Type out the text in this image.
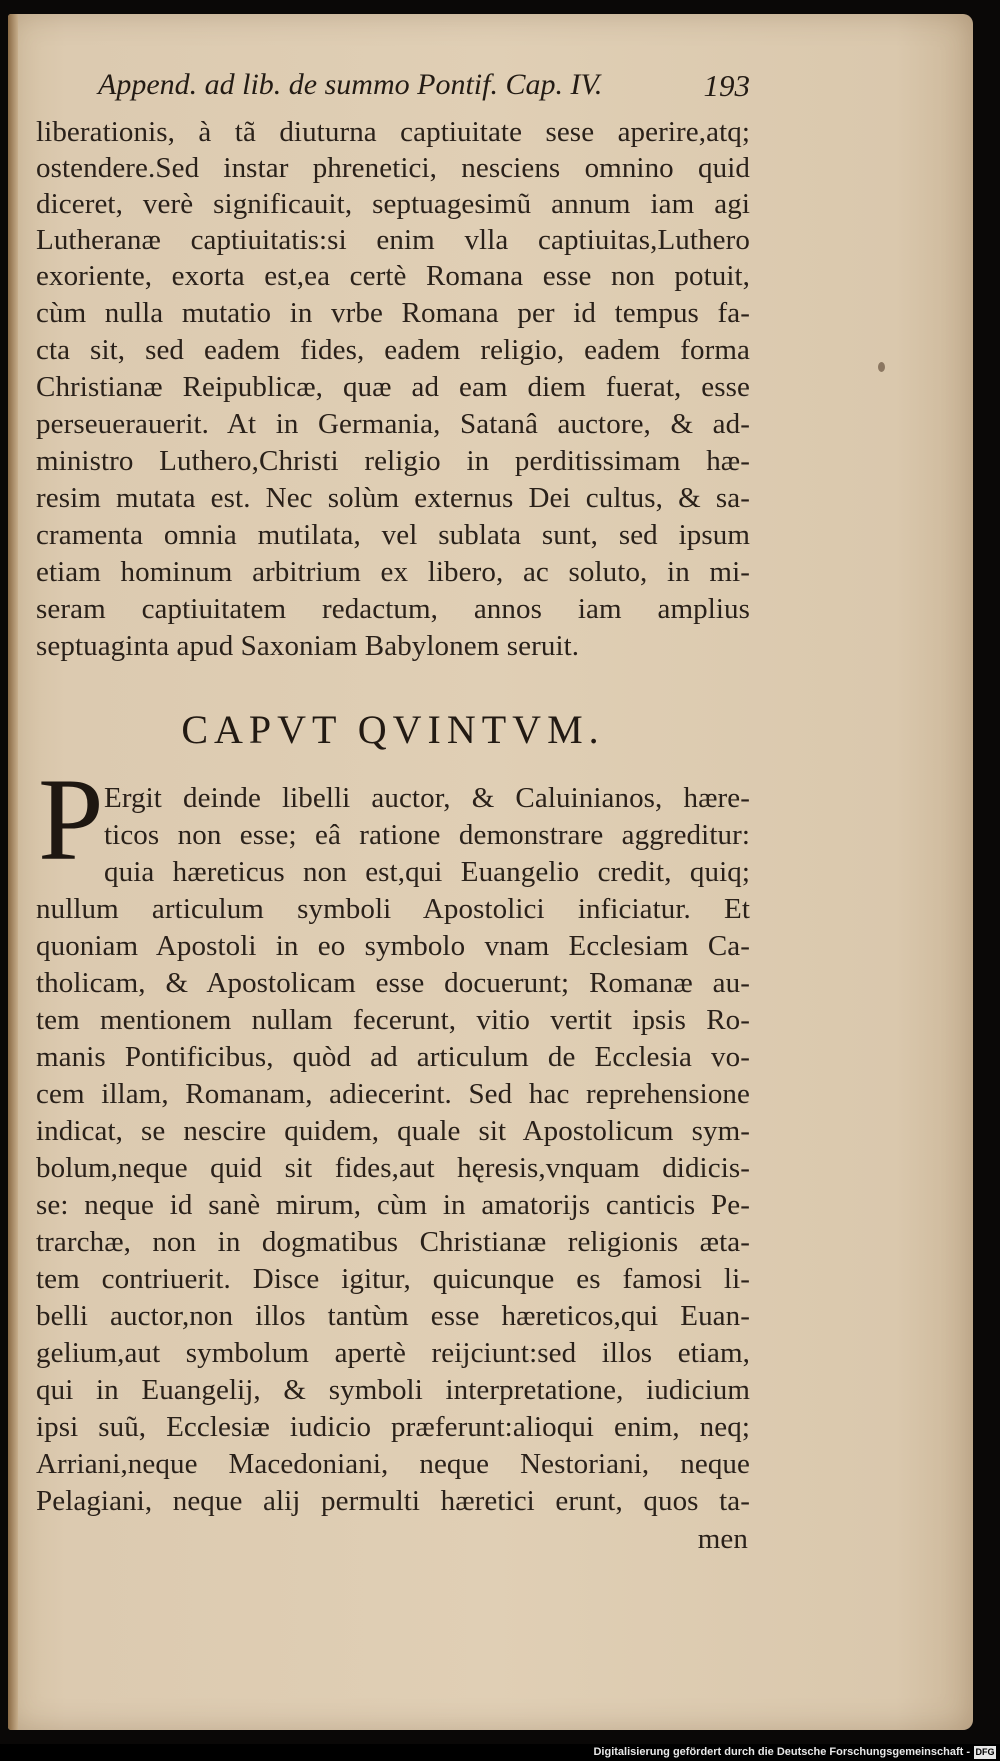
Append. ad lib. de summo Pontif. Cap. IV.	193
liberationis, à tã diuturna captiuitate sese aperire,atq;
ostendere.Sed instar phrenetici, nesciens omnino quid
diceret, verè significauit, septuagesimũ annum iam agi
Lutheranæ captiuitatis:si enim vlla captiuitas,Luthero
exoriente, exorta est,ea certè Romana esse non potuit,
cùm nulla mutatio in vrbe Romana per id tempus fa-
cta sit, sed eadem fides, eadem religio, eadem forma
Christianæ Reipublicæ, quæ ad eam diem fuerat, esse
perseuerauerit. At in Germania, Satanâ auctore, & ad-
ministro Luthero,Christi religio in perditissimam hæ-
resim mutata est. Nec solùm externus Dei cultus, & sa-
cramenta omnia mutilata, vel sublata sunt, sed ipsum
etiam hominum arbitrium ex libero, ac soluto, in mi-
seram captiuitatem redactum, annos iam amplius
septuaginta apud Saxoniam Babylonem seruit.
CAPVT QVINTVM.
P Ergit deinde libelli auctor, & Caluinianos, hære-
ticos non esse; eâ ratione demonstrare aggreditur:
quia hæreticus non est,qui Euangelio credit, quiq;
nullum articulum symboli Apostolici inficiatur. Et
quoniam Apostoli in eo symbolo vnam Ecclesiam Ca-
tholicam, & Apostolicam esse docuerunt; Romanæ au-
tem mentionem nullam fecerunt, vitio vertit ipsis Ro-
manis Pontificibus, quòd ad articulum de Ecclesia vo-
cem illam, Romanam, adiecerint. Sed hac reprehensione
indicat, se nescire quidem, quale sit Apostolicum sym-
bolum,neque quid sit fides,aut hęresis,vnquam didicis-
se: neque id sanè mirum, cùm in amatorijs canticis Pe-
trarchæ, non in dogmatibus Christianæ religionis æta-
tem contriuerit. Disce igitur, quicunque es famosi li-
belli auctor,non illos tantùm esse hæreticos,qui Euan-
gelium,aut symbolum apertè reijciunt:sed illos etiam,
qui in Euangelij, & symboli interpretatione, iudicium
ipsi suũ, Ecclesiæ iudicio præferunt:alioqui enim, neq;
Arriani,neque Macedoniani, neque Nestoriani, neque
Pelagiani, neque alij permulti hæretici erunt, quos ta-
men
Digitalisierung gefördert durch die Deutsche Forschungsgemeinschaft - DFG
